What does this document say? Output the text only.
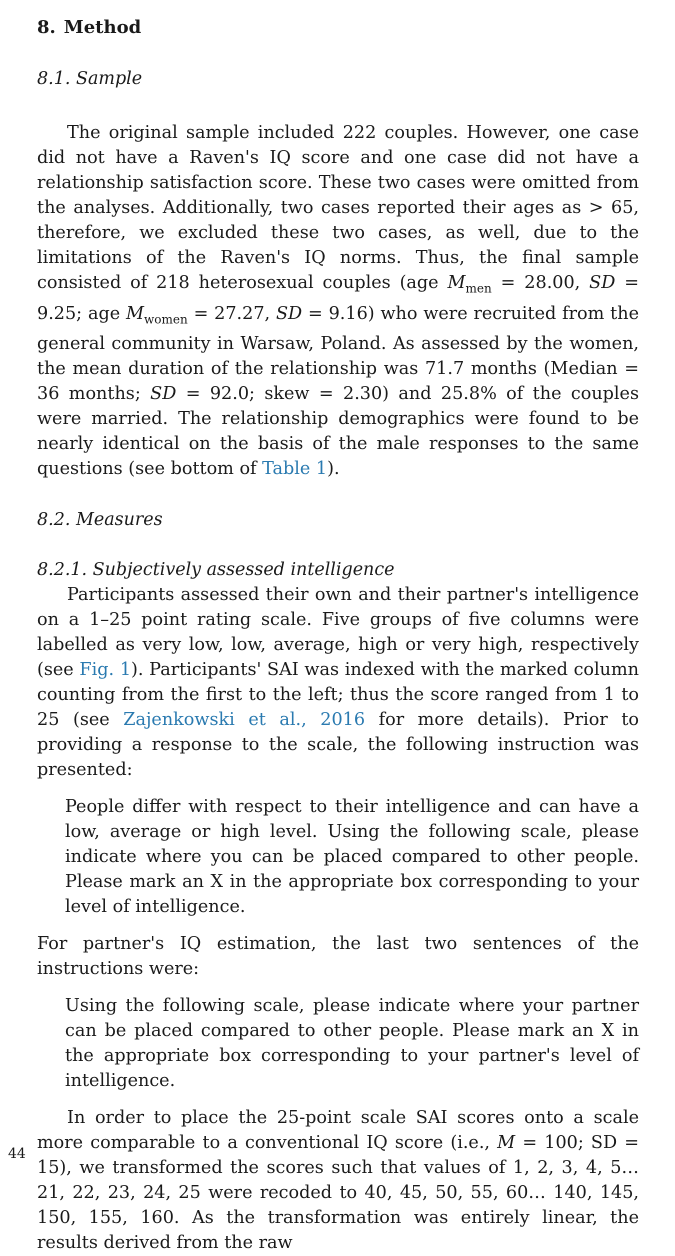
8. Method
8.1. Sample

The original sample included 222 couples. However, one case did not have a Raven's IQ score and one case did not have a relationship satisfaction score. These two cases were omitted from the analyses. Additionally, two cases reported their ages as > 65, therefore, we excluded these two cases, as well, due to the limitations of the Raven's IQ norms. Thus, the final sample consisted of 218 heterosexual couples (age $M_{men} = 28.00$, SD = 9.25; age $M_{women} = 27.27$, SD = 9.16) who were recruited from the general community in Warsaw, Poland. As assessed by the women, the mean duration of the relationship was 71.7 months (Median = 36 months; SD = 92.0; skew = 2.30) and 25.8% of the couples were married. The relationship demographics were found to be nearly identical on the basis of the male responses to the same questions (see bottom of Table 1).

8.2. Measures
8.2.1. Subjectively assessed intelligence

Participants assessed their own and their partner's intelligence on a 1–25 point rating scale. Five groups of five columns were labelled as very low, low, average, high or very high, respectively (see Fig. 1). Participants' SAI was indexed with the marked column counting from the first to the left; thus the score ranged from 1 to 25 (see Zajenkowski et al., 2016 for more details). Prior to providing a response to the scale, the following instruction was presented:

People differ with respect to their intelligence and can have a low, average or high level. Using the following scale, please indicate where you can be placed compared to other people. Please mark an X in the appropriate box corresponding to your level of intelligence.

For partner's IQ estimation, the last two sentences of the instructions were:

Using the following scale, please indicate where your partner can be placed compared to other people. Please mark an X in the appropriate box corresponding to your partner's level of intelligence.

In order to place the 25-point scale SAI scores onto a scale more comparable to a conventional IQ score (i.e., M = 100; SD = 15), we transformed the scores such that values of 1, 2, 3, 4, 5… 21, 22, 23, 24, 25 were recoded to 40, 45, 50, 55, 60… 140, 145, 150, 155, 160. As the transformation was entirely linear, the results derived from the raw

44
